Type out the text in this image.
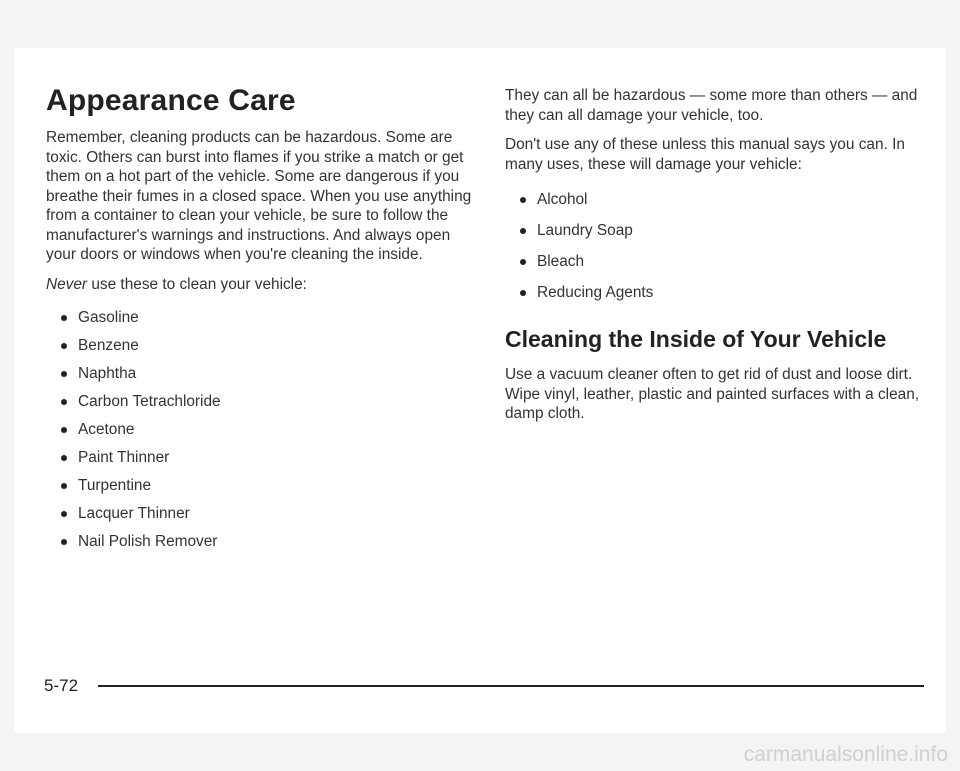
Appearance Care

Remember, cleaning products can be hazardous. Some are toxic. Others can burst into flames if you strike a match or get them on a hot part of the vehicle. Some are dangerous if you breathe their fumes in a closed space. When you use anything from a container to clean your vehicle, be sure to follow the manufacturer's warnings and instructions. And always open your doors or windows when you're cleaning the inside.

Never use these to clean your vehicle:

Gasoline
Benzene
Naphtha
Carbon Tetrachloride
Acetone
Paint Thinner
Turpentine
Lacquer Thinner
Nail Polish Remover

They can all be hazardous — some more than others — and they can all damage your vehicle, too.

Don't use any of these unless this manual says you can. In many uses, these will damage your vehicle:

Alcohol
Laundry Soap
Bleach
Reducing Agents
Cleaning the Inside of Your Vehicle

Use a vacuum cleaner often to get rid of dust and loose dirt. Wipe vinyl, leather, plastic and painted surfaces with a clean, damp cloth.

5-72
carmanualsonline.info
